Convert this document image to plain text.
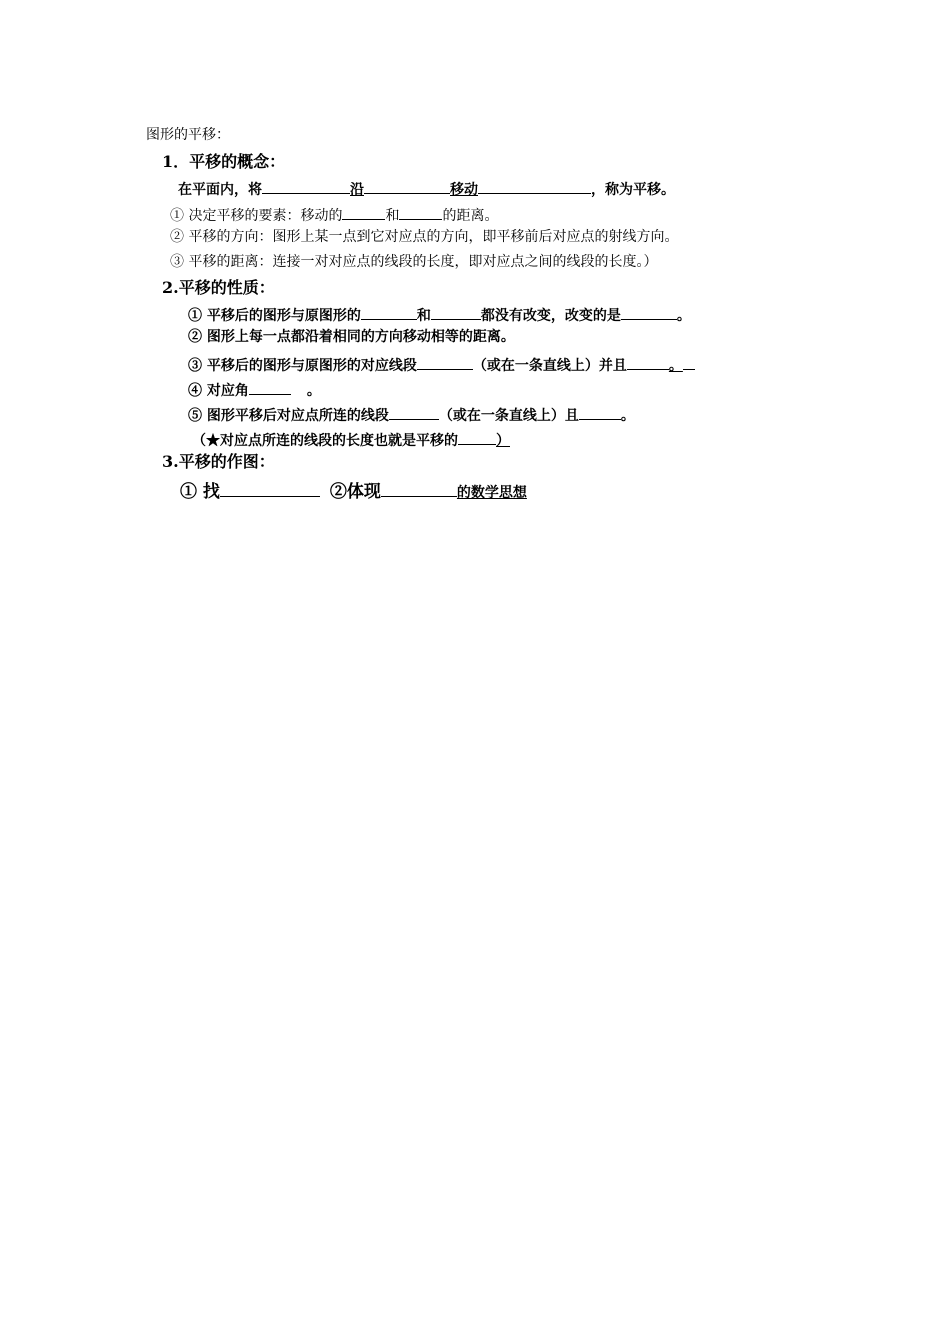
图形的平移：
1．平移的概念：
在平面内，将	沿	移动	，称为平移。
① 决定平移的要素：移动的	和	的距离。
② 平移的方向：图形上某一点到它对应点的方向，即平移前后对应点的射线方向。
③ 平移的距离：连接一对对应点的线段的长度，即对应点之间的线段的长度。）
2.平移的性质：
① 平移后的图形与原图形的	和	都没有改变，改变的是	。
② 图形上每一点都沿着相同的方向移动相等的距离。
③ 平移后的图形与原图形的对应线段	（或在一条直线上）并且	。
④ 对应角	。
⑤ 图形平移后对应点所连的线段	（或在一条直线上）且	。
（★对应点所连的线段的长度也就是平移的	）
3.平移的作图：
① 找	②体现	的数学思想
